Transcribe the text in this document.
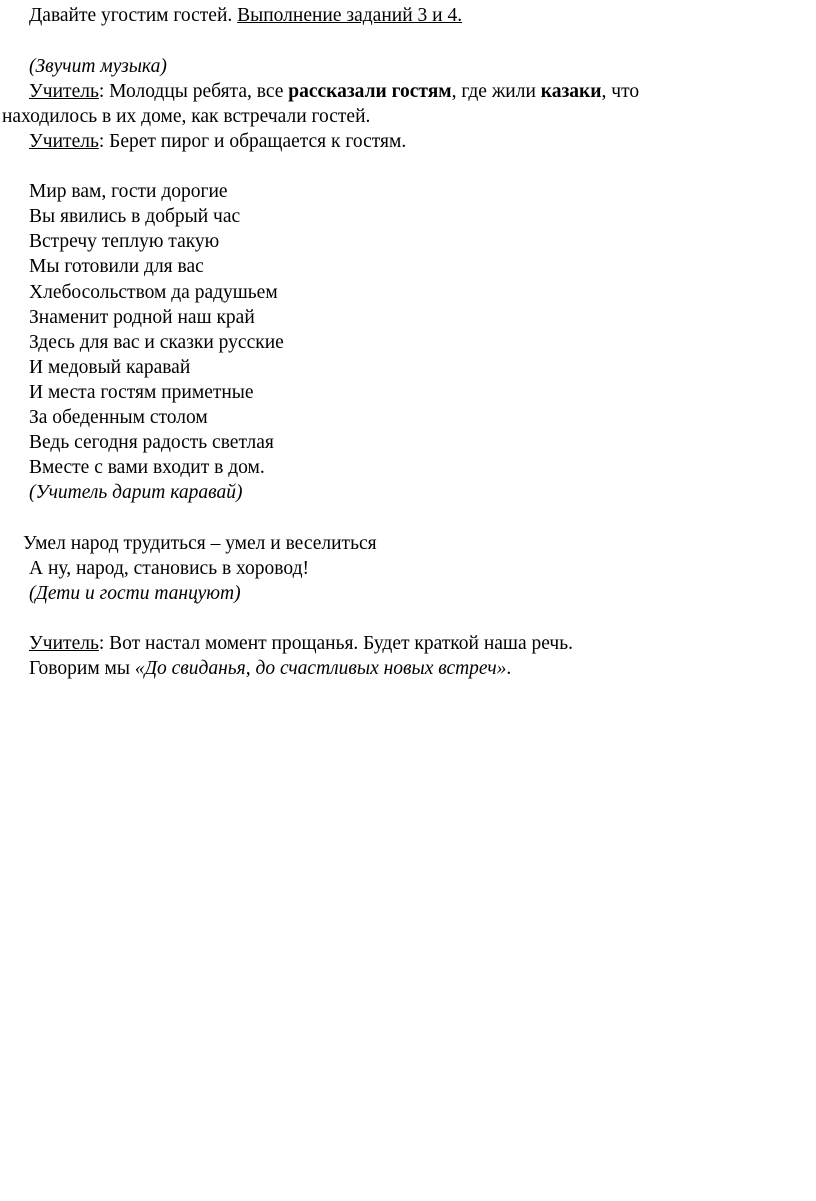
Давайте угостим гостей. Выполнение заданий 3 и 4.
(Звучит музыка)
Учитель: Молодцы ребята, все рассказали гостям, где жили казаки, что
находилось в их доме, как встречали гостей.
Учитель: Берет пирог и обращается к гостям.
Мир вам, гости дорогие
Вы явились в добрый час
Встречу теплую такую
Мы готовили для вас
Хлебосольством да радушьем
Знаменит родной наш край
Здесь для вас и сказки русские
И медовый каравай
И места гостям приметные
За обеденным столом
Ведь сегодня радость светлая
Вместе с вами входит в дом.
(Учитель дарит каравай)
Умел народ трудиться – умел и веселиться
А ну, народ, становись в хоровод!
(Дети и гости танцуют)
Учитель: Вот настал момент прощанья. Будет краткой наша речь.
Говорим мы «До свиданья, до счастливых новых встреч».
